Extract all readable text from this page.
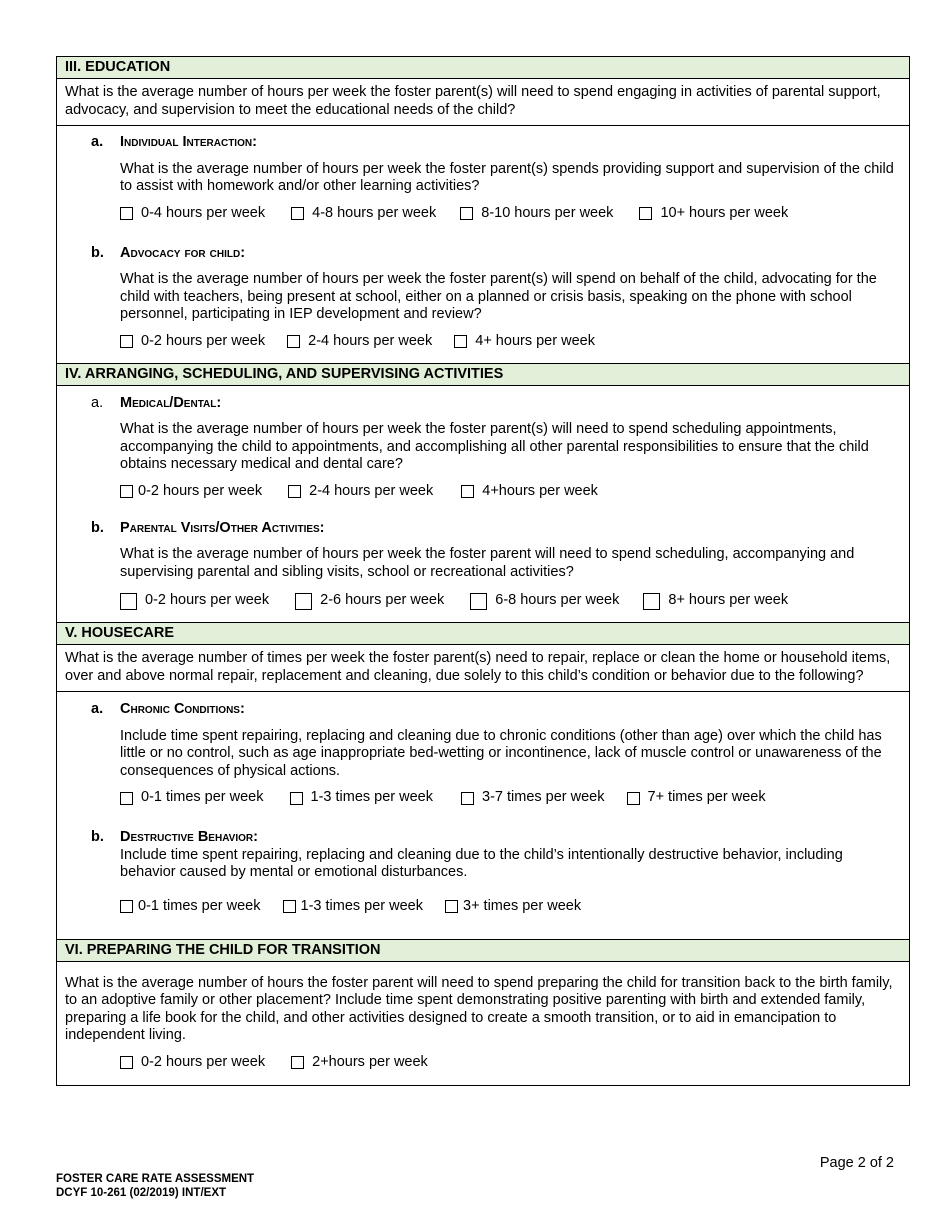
III. EDUCATION
What is the average number of hours per week the foster parent(s) will need to spend engaging in activities of parental support, advocacy, and supervision to meet the educational needs of the child?
a.	Individual Interaction:
What is the average number of hours per week the foster parent(s) spends providing support and supervision of the child to assist with homework and/or other learning activities?
0-4 hours per week	4-8 hours per week	8-10 hours per week	10+ hours per week
b.	Advocacy for child:
What is the average number of hours per week the foster parent(s) will spend on behalf of the child, advocating for the child with teachers, being present at school, either on a planned or crisis basis, speaking on the phone with school personnel, participating in IEP development and review?
0-2 hours per week	2-4 hours per week	4+ hours per week
IV. ARRANGING, SCHEDULING, AND SUPERVISING ACTIVITIES
a.	Medical/Dental:
What is the average number of hours per week the foster parent(s) will need to spend scheduling appointments, accompanying the child to appointments, and accomplishing all other parental responsibilities to ensure that the child obtains necessary medical and dental care?
0-2 hours per week	2-4 hours per week	4+hours per week
b.	Parental Visits/Other Activities:
What is the average number of hours per week the foster parent will need to spend scheduling, accompanying and supervising parental and sibling visits, school or recreational activities?
0-2 hours per week	2-6 hours per week	6-8 hours per week	8+ hours per week
V. HOUSECARE
What is the average number of times per week the foster parent(s) need to repair, replace or clean the home or household items, over and above normal repair, replacement and cleaning, due solely to this child’s condition or behavior due to the following?
a.	Chronic Conditions:
Include time spent repairing, replacing and cleaning due to chronic conditions (other than age) over which the child has little or no control, such as age inappropriate bed-wetting or incontinence, lack of muscle control or unawareness of the consequences of physical actions.
0-1 times per week	1-3 times per week	3-7 times per week	7+ times per week
b.	Destructive Behavior:
Include time spent repairing, replacing and cleaning due to the child’s intentionally destructive behavior, including behavior caused by mental or emotional disturbances.
0-1 times per week	1-3 times per week	3+ times per week
VI. PREPARING THE CHILD FOR TRANSITION
What is the average number of hours the foster parent will need to spend preparing the child for transition back to the birth family, to an adoptive family or other placement? Include time spent demonstrating positive parenting with birth and extended family, preparing a life book for the child, and other activities designed to create a smooth transition, or to aid in emancipation to independent living.
0-2 hours per week	2+hours per week
Page 2 of 2
FOSTER CARE RATE ASSESSMENT
DCYF 10-261 (02/2019) INT/EXT
